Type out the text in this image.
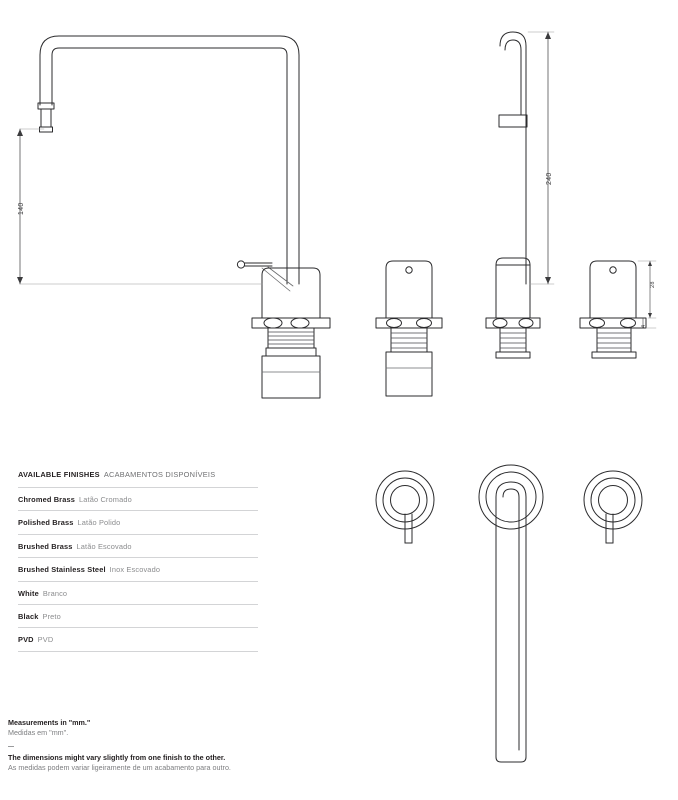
140
240
28
4
AVAILABLE FINISHES ACABAMENTOS DISPONÍVEIS
Chromed Brass Latão Cromado
Polished Brass Latão Polido
Brushed Brass Latão Escovado
Brushed Stainless Steel Inox Escovado
White Branco
Black Preto
PVD PVD
Measurements in "mm."
Medidas em "mm".
The dimensions might vary slightly from one finish to the other.
As medidas podem variar ligeiramente de um acabamento para outro.
